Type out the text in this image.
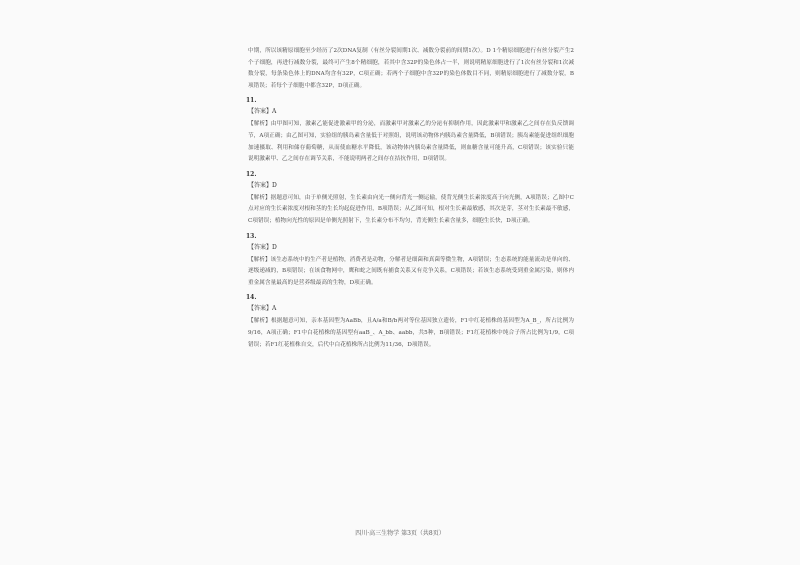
中期，所以该精原细胞至少经历了2次DNA复制（有丝分裂间期1次、减数分裂前的间期1次）。D 1个精原细胞进行有丝分裂产生2个子细胞，再进行减数分裂，最终可产生8个精细胞，若其中含32P的染色体占一半，则说明精原细胞进行了1次有丝分裂和1次减数分裂，每条染色体上的DNA均含有32P，C项正确；若两个子细胞中含32P的染色体数目不同，则精原细胞进行了减数分裂，B项错误；若每个子细胞中都含32P，D项正确。

11.
【答案】A

【解析】由甲图可知，激素乙能促进激素甲的分泌，而激素甲对激素乙的分泌有抑制作用，因此激素甲和激素乙之间存在负反馈调节，A项正确；由乙图可知，实验组的胰岛素含量低于对照组，说明该动物体内胰岛素含量降低，B项错误；胰岛素能促进组织细胞加速摄取、利用和储存葡萄糖，从而使血糖水平降低，该动物体内胰岛素含量降低，则血糖含量可能升高，C项错误；该实验只能说明激素甲、乙之间存在调节关系，不能说明两者之间存在拮抗作用，D项错误。

12.
【答案】D

【解析】据题意可知，由于单侧光照射，生长素由向光一侧向背光一侧运输，使背光侧生长素浓度高于向光侧，A项错误；乙图中C点对应的生长素浓度对根和茎的生长均起促进作用，B项错误；从乙图可知，根对生长素最敏感，其次是芽，茎对生长素最不敏感，C项错误；植物向光性的原因是单侧光照射下，生长素分布不均匀，背光侧生长素含量多，细胞生长快，D项正确。

13.
【答案】D

【解析】该生态系统中的生产者是植物，消费者是动物，分解者是细菌和真菌等微生物，A项错误；生态系统的能量流动是单向的、逐级递减的，B项错误；在该食物网中，鹰和蛇之间既有捕食关系又有竞争关系，C项错误；若该生态系统受到重金属污染，则体内重金属含量最高的是营养级最高的生物，D项正确。

14.
【答案】A

【解析】根据题意可知，亲本基因型为AaBb，且A/a和B/b两对等位基因独立遗传，F1中红花植株的基因型为A_B_，所占比例为9/16，A项正确；F1中白花植株的基因型有aaB_、A_bb、aabb，共5种，B项错误；F1红花植株中纯合子所占比例为1/9，C项错误；若F1红花植株自交，后代中白花植株所占比例为11/36，D项错误。

四川·高三生物学 第3页（共8页）
